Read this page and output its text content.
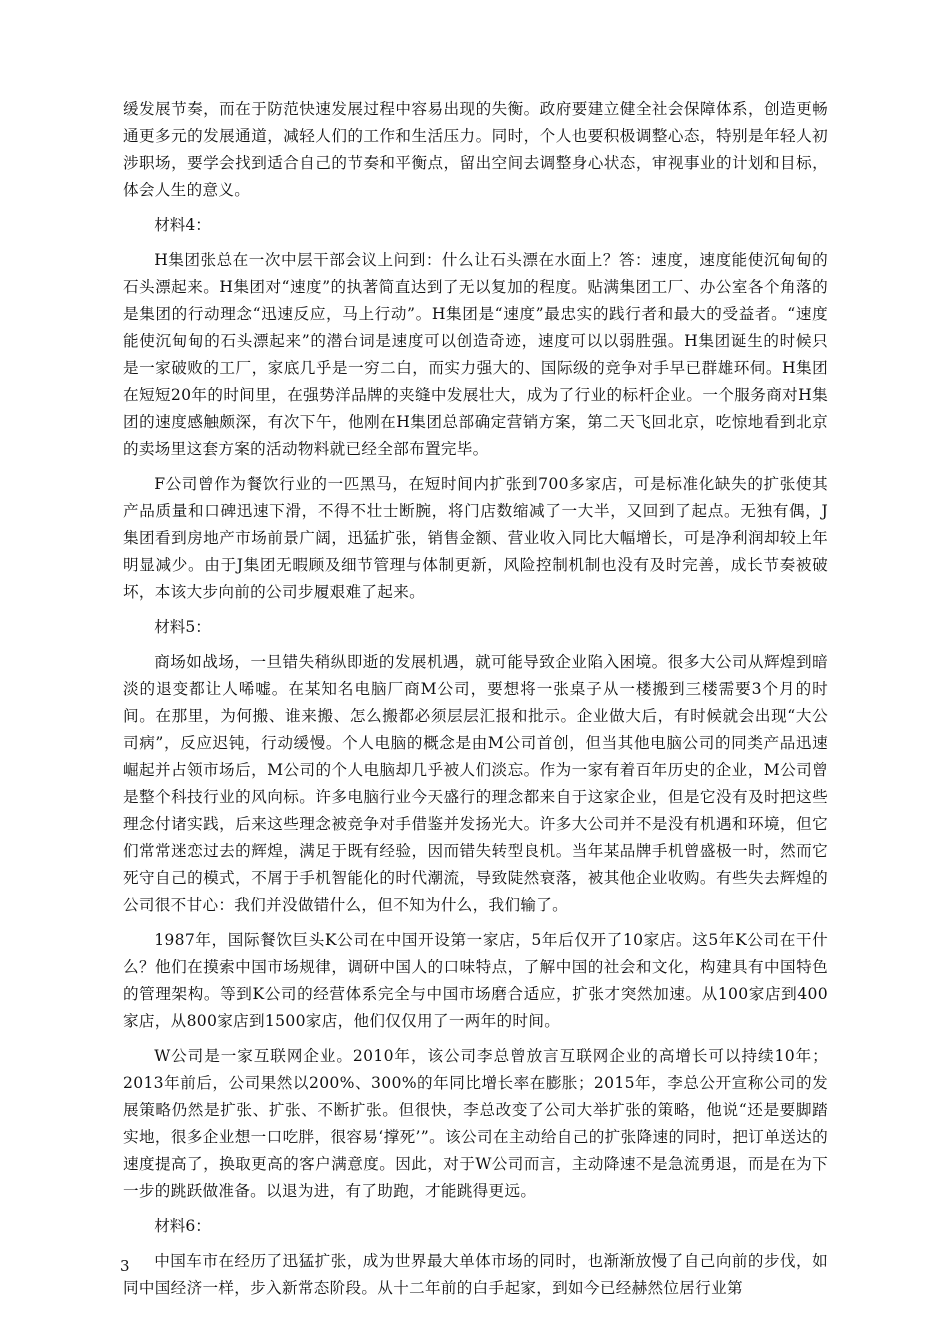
缓发展节奏，而在于防范快速发展过程中容易出现的失衡。政府要建立健全社会保障体系，创造更畅通更多元的发展通道，减轻人们的工作和生活压力。同时，个人也要积极调整心态，特别是年轻人初涉职场，要学会找到适合自己的节奏和平衡点，留出空间去调整身心状态，审视事业的计划和目标，体会人生的意义。

材料4：

H集团张总在一次中层干部会议上问到：什么让石头漂在水面上？答：速度，速度能使沉甸甸的石头漂起来。H集团对“速度”的执著简直达到了无以复加的程度。贴满集团工厂、办公室各个角落的是集团的行动理念“迅速反应，马上行动”。H集团是“速度”最忠实的践行者和最大的受益者。“速度能使沉甸甸的石头漂起来”的潜台词是速度可以创造奇迹，速度可以以弱胜强。H集团诞生的时候只是一家破败的工厂，家底几乎是一穷二白，而实力强大的、国际级的竞争对手早已群雄环伺。H集团在短短20年的时间里，在强势洋品牌的夹缝中发展壮大，成为了行业的标杆企业。一个服务商对H集团的速度感触颇深，有次下午，他刚在H集团总部确定营销方案，第二天飞回北京，吃惊地看到北京的卖场里这套方案的活动物料就已经全部布置完毕。

F公司曾作为餐饮行业的一匹黑马，在短时间内扩张到700多家店，可是标准化缺失的扩张使其产品质量和口碑迅速下滑，不得不壮士断腕，将门店数缩减了一大半，又回到了起点。无独有偶，J集团看到房地产市场前景广阔，迅猛扩张，销售金额、营业收入同比大幅增长，可是净利润却较上年明显减少。由于J集团无暇顾及细节管理与体制更新，风险控制机制也没有及时完善，成长节奏被破坏，本该大步向前的公司步履艰难了起来。

材料5：

商场如战场，一旦错失稍纵即逝的发展机遇，就可能导致企业陷入困境。很多大公司从辉煌到暗淡的退变都让人唏嘘。在某知名电脑厂商M公司，要想将一张桌子从一楼搬到三楼需要3个月的时间。在那里，为何搬、谁来搬、怎么搬都必须层层汇报和批示。企业做大后，有时候就会出现“大公司病”，反应迟钝，行动缓慢。个人电脑的概念是由M公司首创，但当其他电脑公司的同类产品迅速崛起并占领市场后，M公司的个人电脑却几乎被人们淡忘。作为一家有着百年历史的企业，M公司曾是整个科技行业的风向标。许多电脑行业今天盛行的理念都来自于这家企业，但是它没有及时把这些理念付诸实践，后来这些理念被竞争对手借鉴并发扬光大。许多大公司并不是没有机遇和环境，但它们常常迷恋过去的辉煌，满足于既有经验，因而错失转型良机。当年某品牌手机曾盛极一时，然而它死守自己的模式，不屑于手机智能化的时代潮流，导致陡然衰落，被其他企业收购。有些失去辉煌的公司很不甘心：我们并没做错什么，但不知为什么，我们输了。

1987年，国际餐饮巨头K公司在中国开设第一家店，5年后仅开了10家店。这5年K公司在干什么？他们在摸索中国市场规律，调研中国人的口味特点，了解中国的社会和文化，构建具有中国特色的管理架构。等到K公司的经营体系完全与中国市场磨合适应，扩张才突然加速。从100家店到400家店，从800家店到1500家店，他们仅仅用了一两年的时间。

W公司是一家互联网企业。2010年，该公司李总曾放言互联网企业的高增长可以持续10年；2013年前后，公司果然以200%、300%的年同比增长率在膨胀；2015年，李总公开宣称公司的发展策略仍然是扩张、扩张、不断扩张。但很快，李总改变了公司大举扩张的策略，他说“还是要脚踏实地，很多企业想一口吃胖，很容易‘撑死’”。该公司在主动给自己的扩张降速的同时，把订单送达的速度提高了，换取更高的客户满意度。因此，对于W公司而言，主动降速不是急流勇退，而是在为下一步的跳跃做准备。以退为进，有了助跑，才能跳得更远。

材料6：

中国车市在经历了迅猛扩张，成为世界最大单体市场的同时，也渐渐放慢了自己向前的步伐，如同中国经济一样，步入新常态阶段。从十二年前的白手起家，到如今已经赫然位居行业第

3
